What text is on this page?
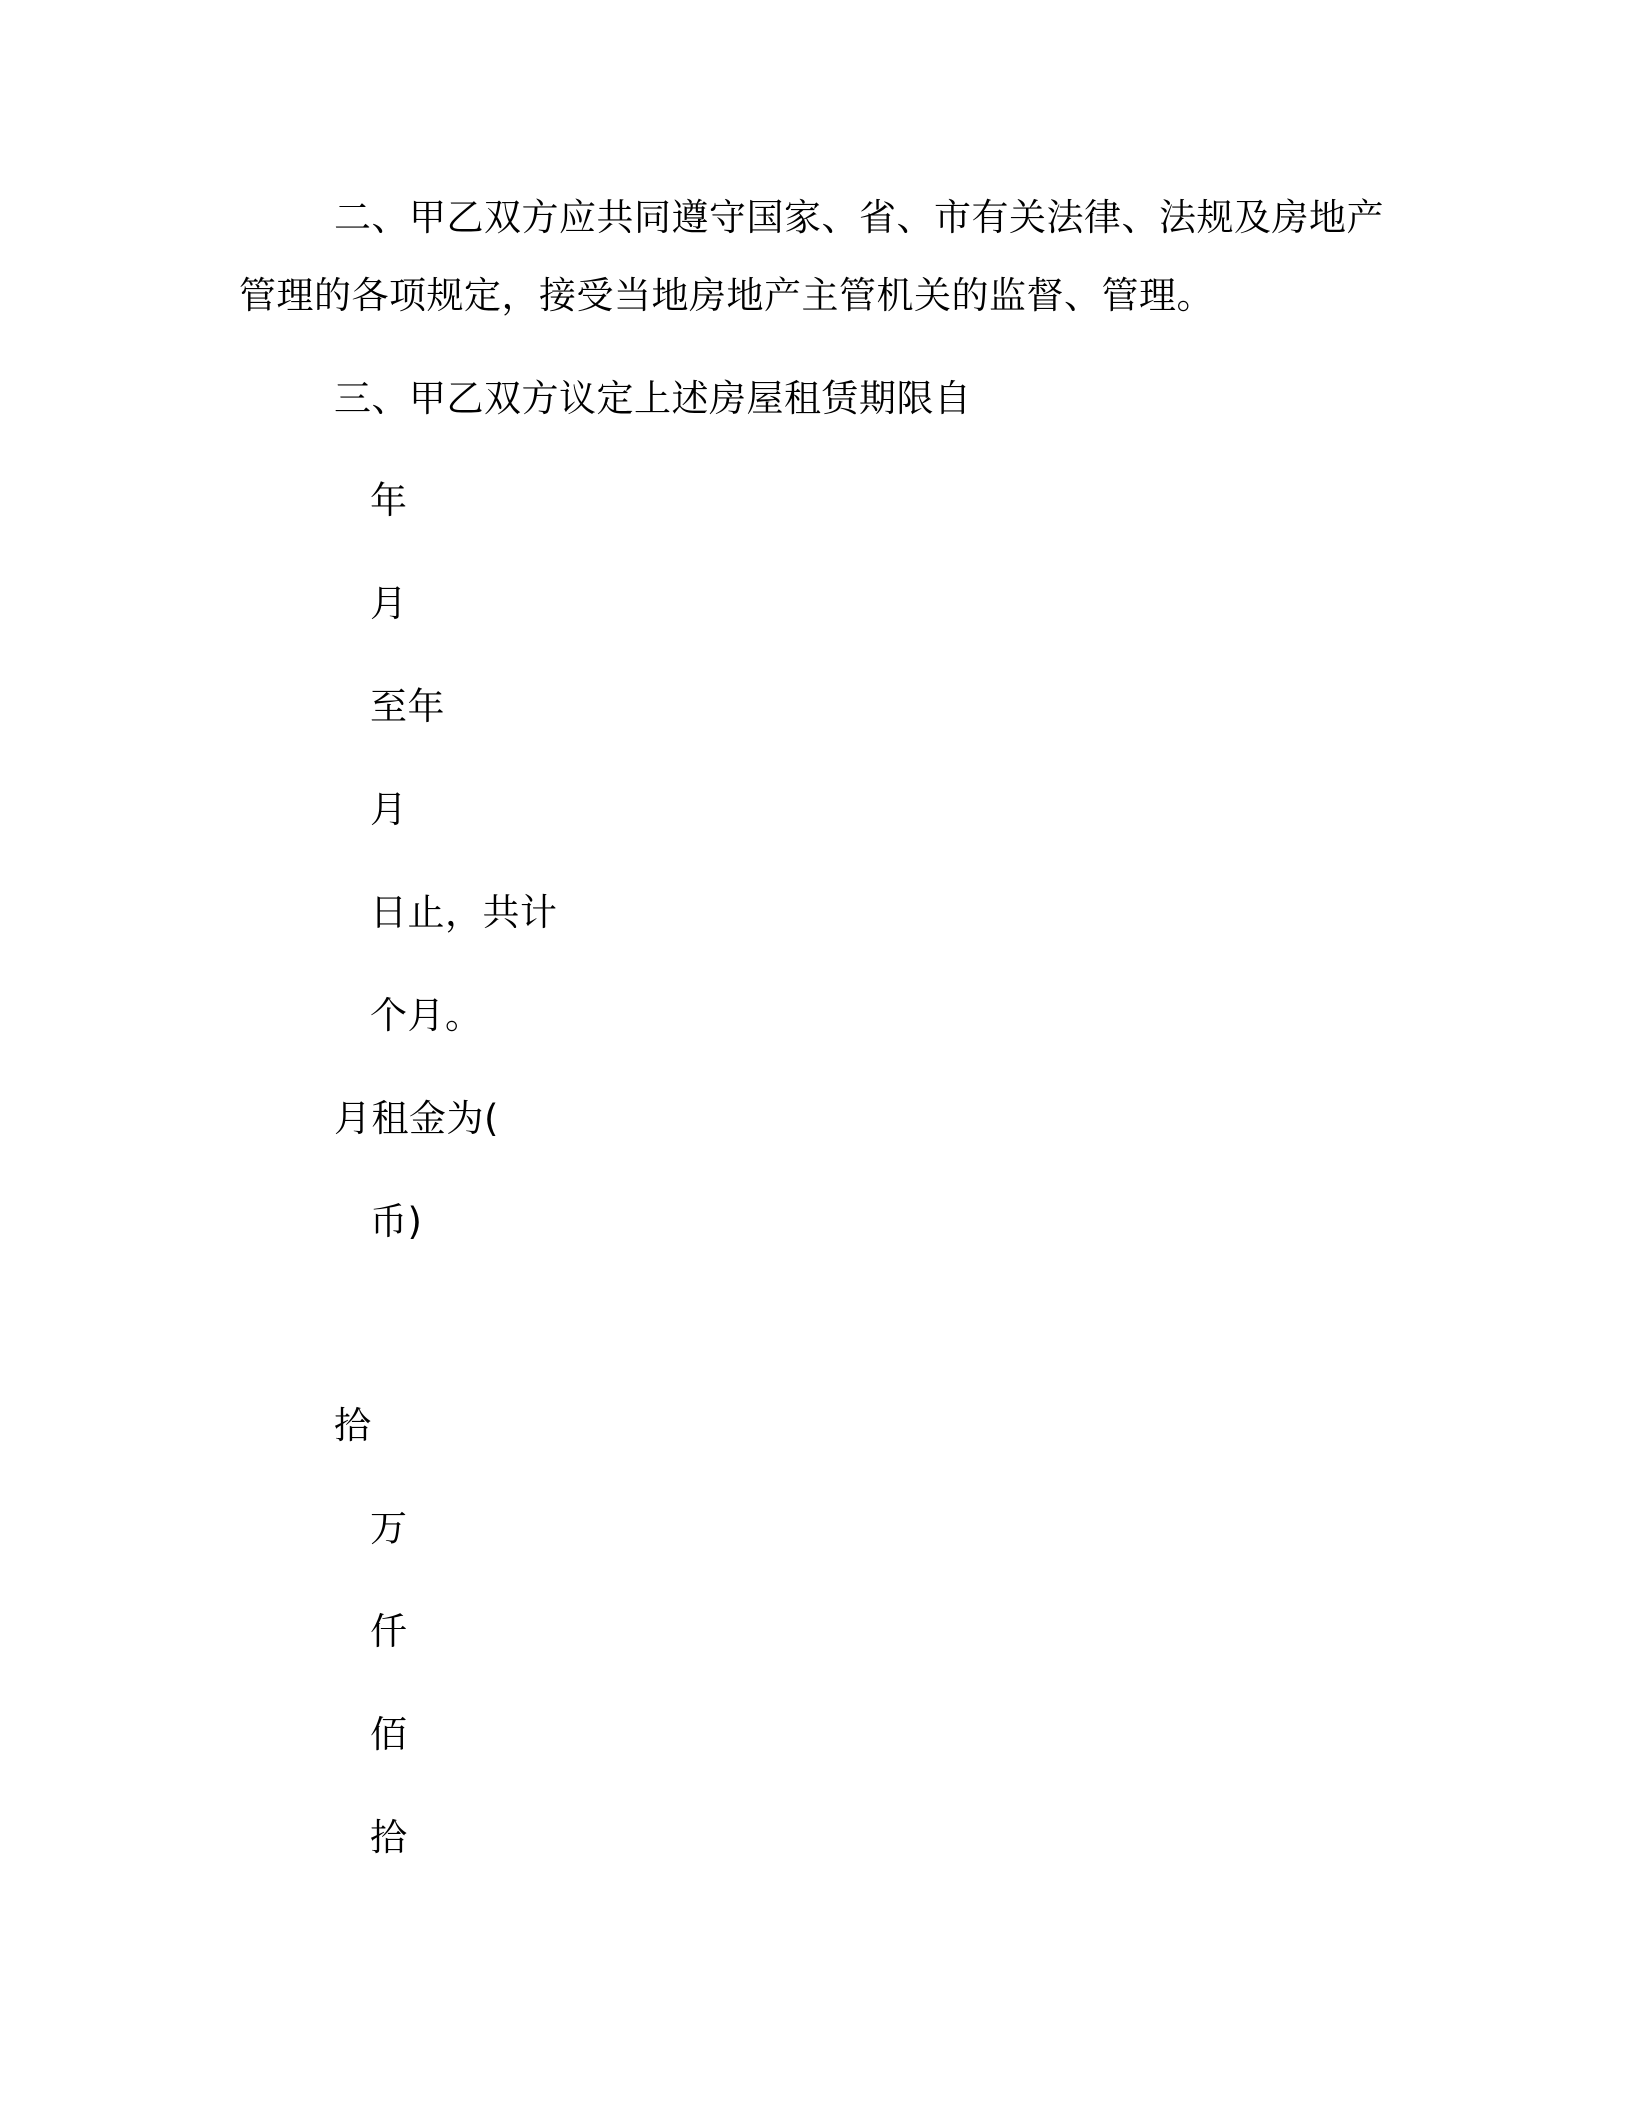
二、甲乙双方应共同遵守国家、省、市有关法律、法规及房地产
管理的各项规定，接受当地房地产主管机关的监督、管理。
三、甲乙双方议定上述房屋租赁期限自
年
月
至年
月
日止，共计
个月。
月租金为(
币)
拾
万
仟
佰
拾
